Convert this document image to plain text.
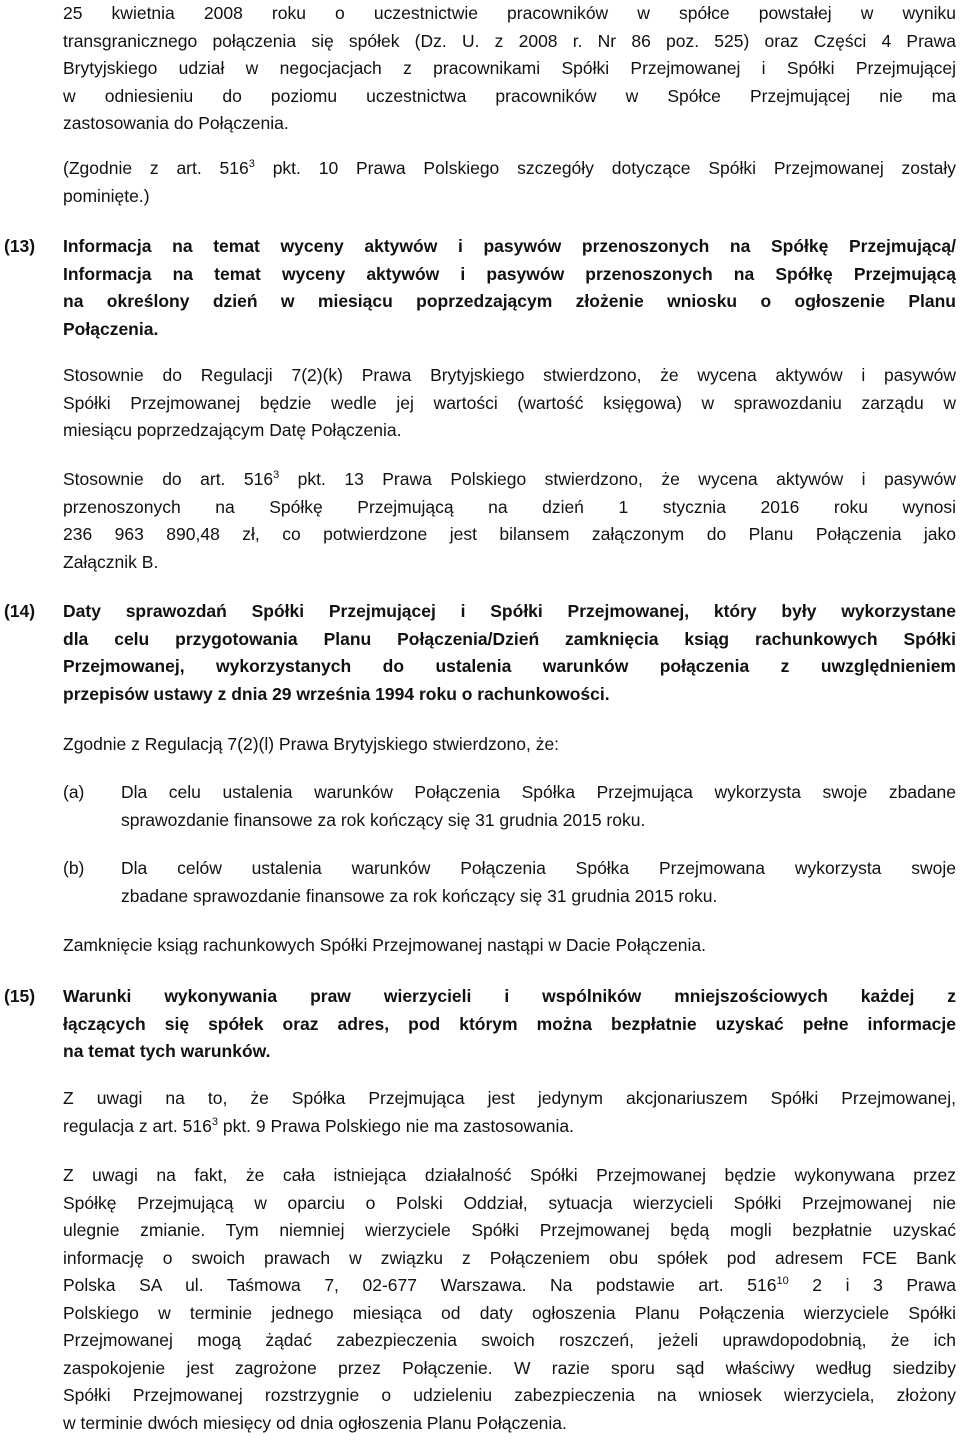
25 kwietnia 2008 roku o uczestnictwie pracowników w spółce powstałej w wyniku
transgranicznego połączenia się spółek (Dz. U. z 2008 r. Nr 86 poz. 525) oraz Części 4 Prawa
Brytyjskiego udział w negocjacjach z pracownikami Spółki Przejmowanej i Spółki Przejmującej
w odniesieniu do poziomu uczestnictwa pracowników w Spółce Przejmującej nie ma
zastosowania do Połączenia.
(Zgodnie z art. $516^3$ pkt. 10 Prawa Polskiego szczegóły dotyczące Spółki Przejmowanej zostały
pominięte.)
(13) Informacja na temat wyceny aktywów i pasywów przenoszonych na Spółkę Przejmującą/
Informacja na temat wyceny aktywów i pasywów przenoszonych na Spółkę Przejmującą
na określony dzień w miesiącu poprzedzającym złożenie wniosku o ogłoszenie Planu
Połączenia.
Stosownie do Regulacji 7(2)(k) Prawa Brytyjskiego stwierdzono, że wycena aktywów i pasywów
Spółki Przejmowanej będzie wedle jej wartości (wartość księgowa) w sprawozdaniu zarządu w
miesiącu poprzedzającym Datę Połączenia.
Stosownie do art. $516^3$ pkt. 13 Prawa Polskiego stwierdzono, że wycena aktywów i pasywów
przenoszonych na Spółkę Przejmującą na dzień 1 stycznia 2016 roku wynosi
236 963 890,48 zł, co potwierdzone jest bilansem załączonym do Planu Połączenia jako
Załącznik B.
(14) Daty sprawozdań Spółki Przejmującej i Spółki Przejmowanej, który były wykorzystane
dla celu przygotowania Planu Połączenia/Dzień zamknięcia ksiąg rachunkowych Spółki
Przejmowanej, wykorzystanych do ustalenia warunków połączenia z uwzględnieniem
przepisów ustawy z dnia 29 września 1994 roku o rachunkowości.
Zgodnie z Regulacją 7(2)(l) Prawa Brytyjskiego stwierdzono, że:
(a) Dla celu ustalenia warunków Połączenia Spółka Przejmująca wykorzysta swoje zbadane
sprawozdanie finansowe za rok kończący się 31 grudnia 2015 roku.
(b) Dla celów ustalenia warunków Połączenia Spółka Przejmowana wykorzysta swoje
zbadane sprawozdanie finansowe za rok kończący się 31 grudnia 2015 roku.
Zamknięcie ksiąg rachunkowych Spółki Przejmowanej nastąpi w Dacie Połączenia.
(15) Warunki wykonywania praw wierzycieli i wspólników mniejszościowych każdej z
łączących się spółek oraz adres, pod którym można bezpłatnie uzyskać pełne informacje
na temat tych warunków.
Z uwagi na to, że Spółka Przejmująca jest jedynym akcjonariuszem Spółki Przejmowanej,
regulacja z art. $516^3$ pkt. 9 Prawa Polskiego nie ma zastosowania.
Z uwagi na fakt, że cała istniejąca działalność Spółki Przejmowanej będzie wykonywana przez
Spółkę Przejmującą w oparciu o Polski Oddział, sytuacja wierzycieli Spółki Przejmowanej nie
ulegnie zmianie. Tym niemniej wierzyciele Spółki Przejmowanej będą mogli bezpłatnie uzyskać
informację o swoich prawach w związku z Połączeniem obu spółek pod adresem FCE Bank
Polska SA ul. Taśmowa 7, 02-677 Warszawa. Na podstawie art. $516^{10}$ 2 i 3 Prawa
Polskiego w terminie jednego miesiąca od daty ogłoszenia Planu Połączenia wierzyciele Spółki
Przejmowanej mogą żądać zabezpieczenia swoich roszczeń, jeżeli uprawdopodobnią, że ich
zaspokojenie jest zagrożone przez Połączenie. W razie sporu sąd właściwy według siedziby
Spółki Przejmowanej rozstrzygnie o udzieleniu zabezpieczenia na wniosek wierzyciela, złożony
w terminie dwóch miesięcy od dnia ogłoszenia Planu Połączenia.
